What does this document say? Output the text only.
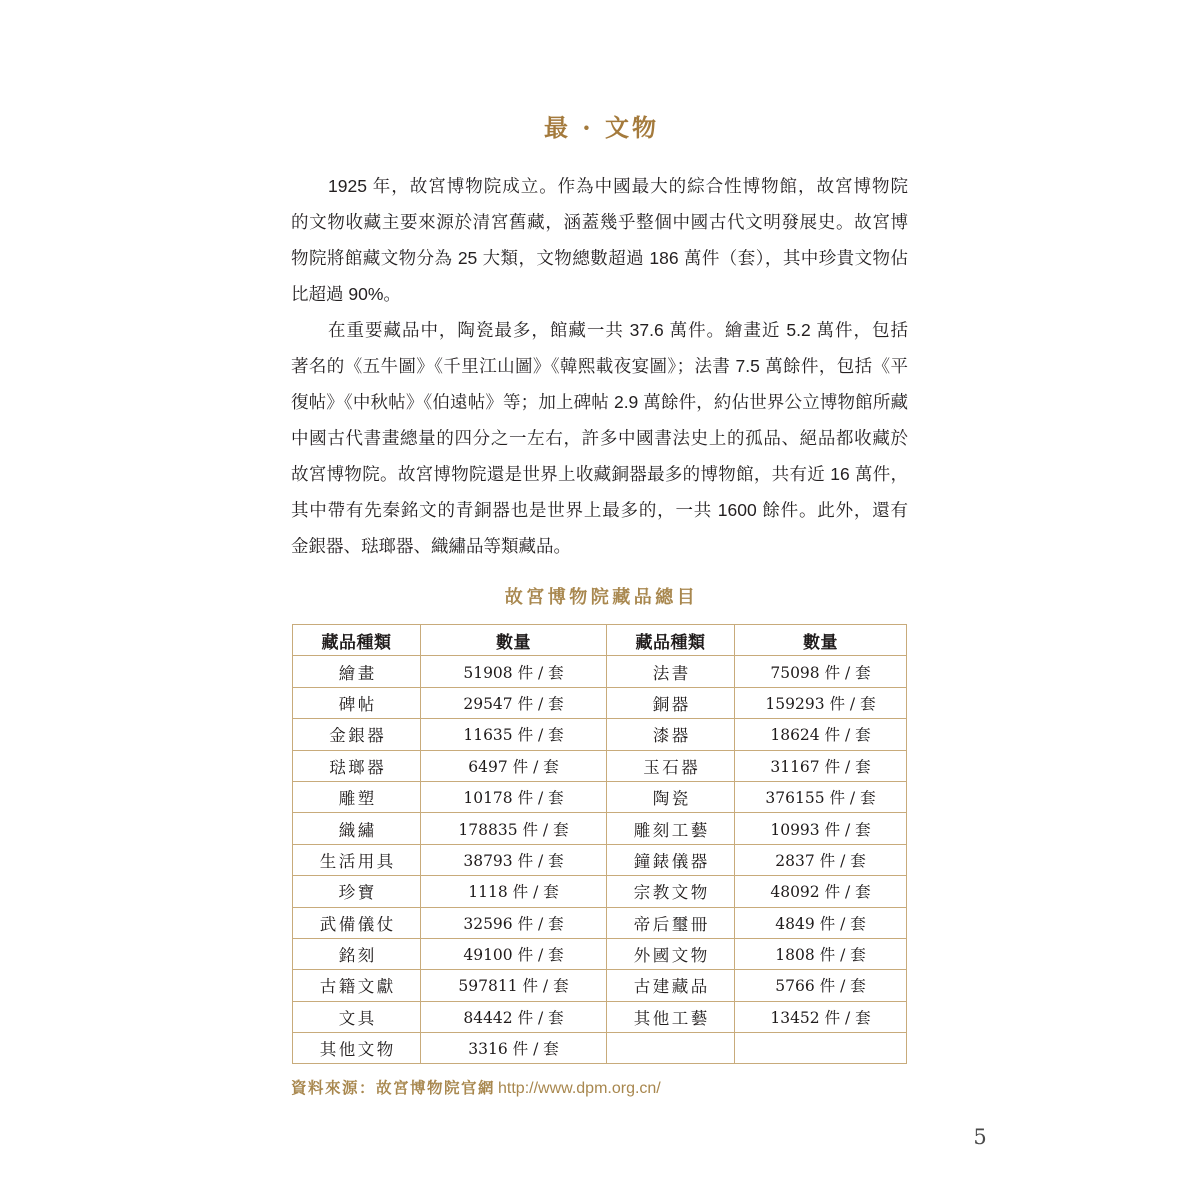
最 · 文物
1925 年，故宮博物院成立。作為中國最大的綜合性博物館，故宮博物院
的文物收藏主要來源於清宮舊藏，涵蓋幾乎整個中國古代文明發展史。故宮博
物院將館藏文物分為 25 大類，文物總數超過 186 萬件（套），其中珍貴文物佔
比超過 90%。
在重要藏品中，陶瓷最多，館藏一共 37.6 萬件。繪畫近 5.2 萬件，包括
著名的《五牛圖》《千里江山圖》《韓熙載夜宴圖》；法書 7.5 萬餘件，包括《平
復帖》《中秋帖》《伯遠帖》等；加上碑帖 2.9 萬餘件，約佔世界公立博物館所藏
中國古代書畫總量的四分之一左右，許多中國書法史上的孤品、絕品都收藏於
故宮博物院。故宮博物院還是世界上收藏銅器最多的博物館，共有近 16 萬件，
其中帶有先秦銘文的青銅器也是世界上最多的，一共 1600 餘件。此外，還有
金銀器、琺瑯器、織繡品等類藏品。
故宮博物院藏品總目
藏品種類	數量	藏品種類	數量
繪畫	51908 件 / 套	法書	75098 件 / 套
碑帖	29547 件 / 套	銅器	159293 件 / 套
金銀器	11635 件 / 套	漆器	18624 件 / 套
琺瑯器	6497 件 / 套	玉石器	31167 件 / 套
雕塑	10178 件 / 套	陶瓷	376155 件 / 套
織繡	178835 件 / 套	雕刻工藝	10993 件 / 套
生活用具	38793 件 / 套	鐘錶儀器	2837 件 / 套
珍寶	1118 件 / 套	宗教文物	48092 件 / 套
武備儀仗	32596 件 / 套	帝后璽冊	4849 件 / 套
銘刻	49100 件 / 套	外國文物	1808 件 / 套
古籍文獻	597811 件 / 套	古建藏品	5766 件 / 套
文具	84442 件 / 套	其他工藝	13452 件 / 套
其他文物	3316 件 / 套		
資料來源：故宮博物院官網 http://www.dpm.org.cn/
5
